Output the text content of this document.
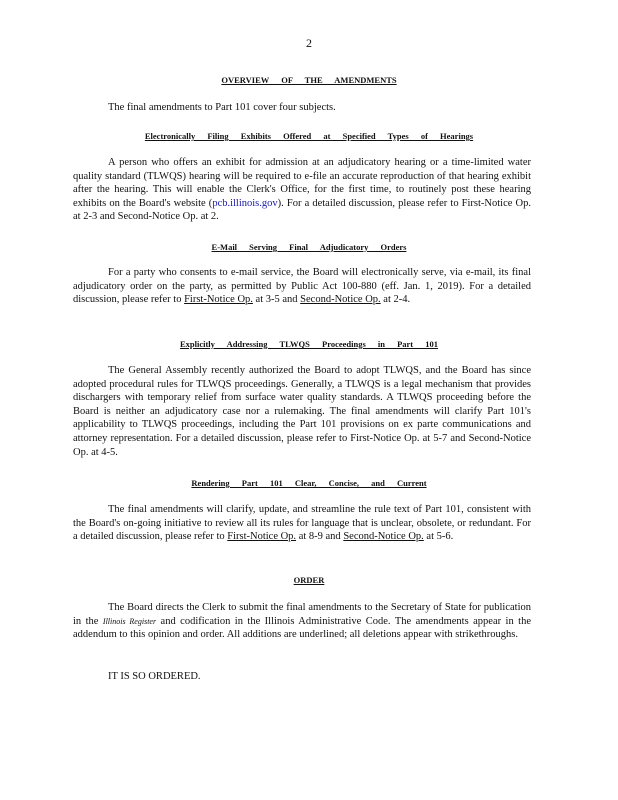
2
OVERVIEW OF THE AMENDMENTS
The final amendments to Part 101 cover four subjects.
Electronically Filing Exhibits Offered at Specified Types of Hearings
A person who offers an exhibit for admission at an adjudicatory hearing or a time-limited water quality standard (TLWQS) hearing will be required to e-file an accurate reproduction of that hearing exhibit after the hearing. This will enable the Clerk's Office, for the first time, to routinely post these hearing exhibits on the Board's website (pcb.illinois.gov). For a detailed discussion, please refer to First-Notice Op. at 2-3 and Second-Notice Op. at 2.
E-Mail Serving Final Adjudicatory Orders
For a party who consents to e-mail service, the Board will electronically serve, via e-mail, its final adjudicatory order on the party, as permitted by Public Act 100-880 (eff. Jan. 1, 2019). For a detailed discussion, please refer to First-Notice Op. at 3-5 and Second-Notice Op. at 2-4.
Explicitly Addressing TLWQS Proceedings in Part 101
The General Assembly recently authorized the Board to adopt TLWQS, and the Board has since adopted procedural rules for TLWQS proceedings. Generally, a TLWQS is a legal mechanism that provides dischargers with temporary relief from surface water quality standards. A TLWQS proceeding before the Board is neither an adjudicatory case nor a rulemaking. The final amendments will clarify Part 101's applicability to TLWQS proceedings, including the Part 101 provisions on ex parte communications and attorney representation. For a detailed discussion, please refer to First-Notice Op. at 5-7 and Second-Notice Op. at 4-5.
Rendering Part 101 Clear, Concise, and Current
The final amendments will clarify, update, and streamline the rule text of Part 101, consistent with the Board's on-going initiative to review all its rules for language that is unclear, obsolete, or redundant. For a detailed discussion, please refer to First-Notice Op. at 8-9 and Second-Notice Op. at 5-6.
ORDER
The Board directs the Clerk to submit the final amendments to the Secretary of State for publication in the Illinois Register and codification in the Illinois Administrative Code. The amendments appear in the addendum to this opinion and order. All additions are underlined; all deletions appear with strikethroughs.
IT IS SO ORDERED.
